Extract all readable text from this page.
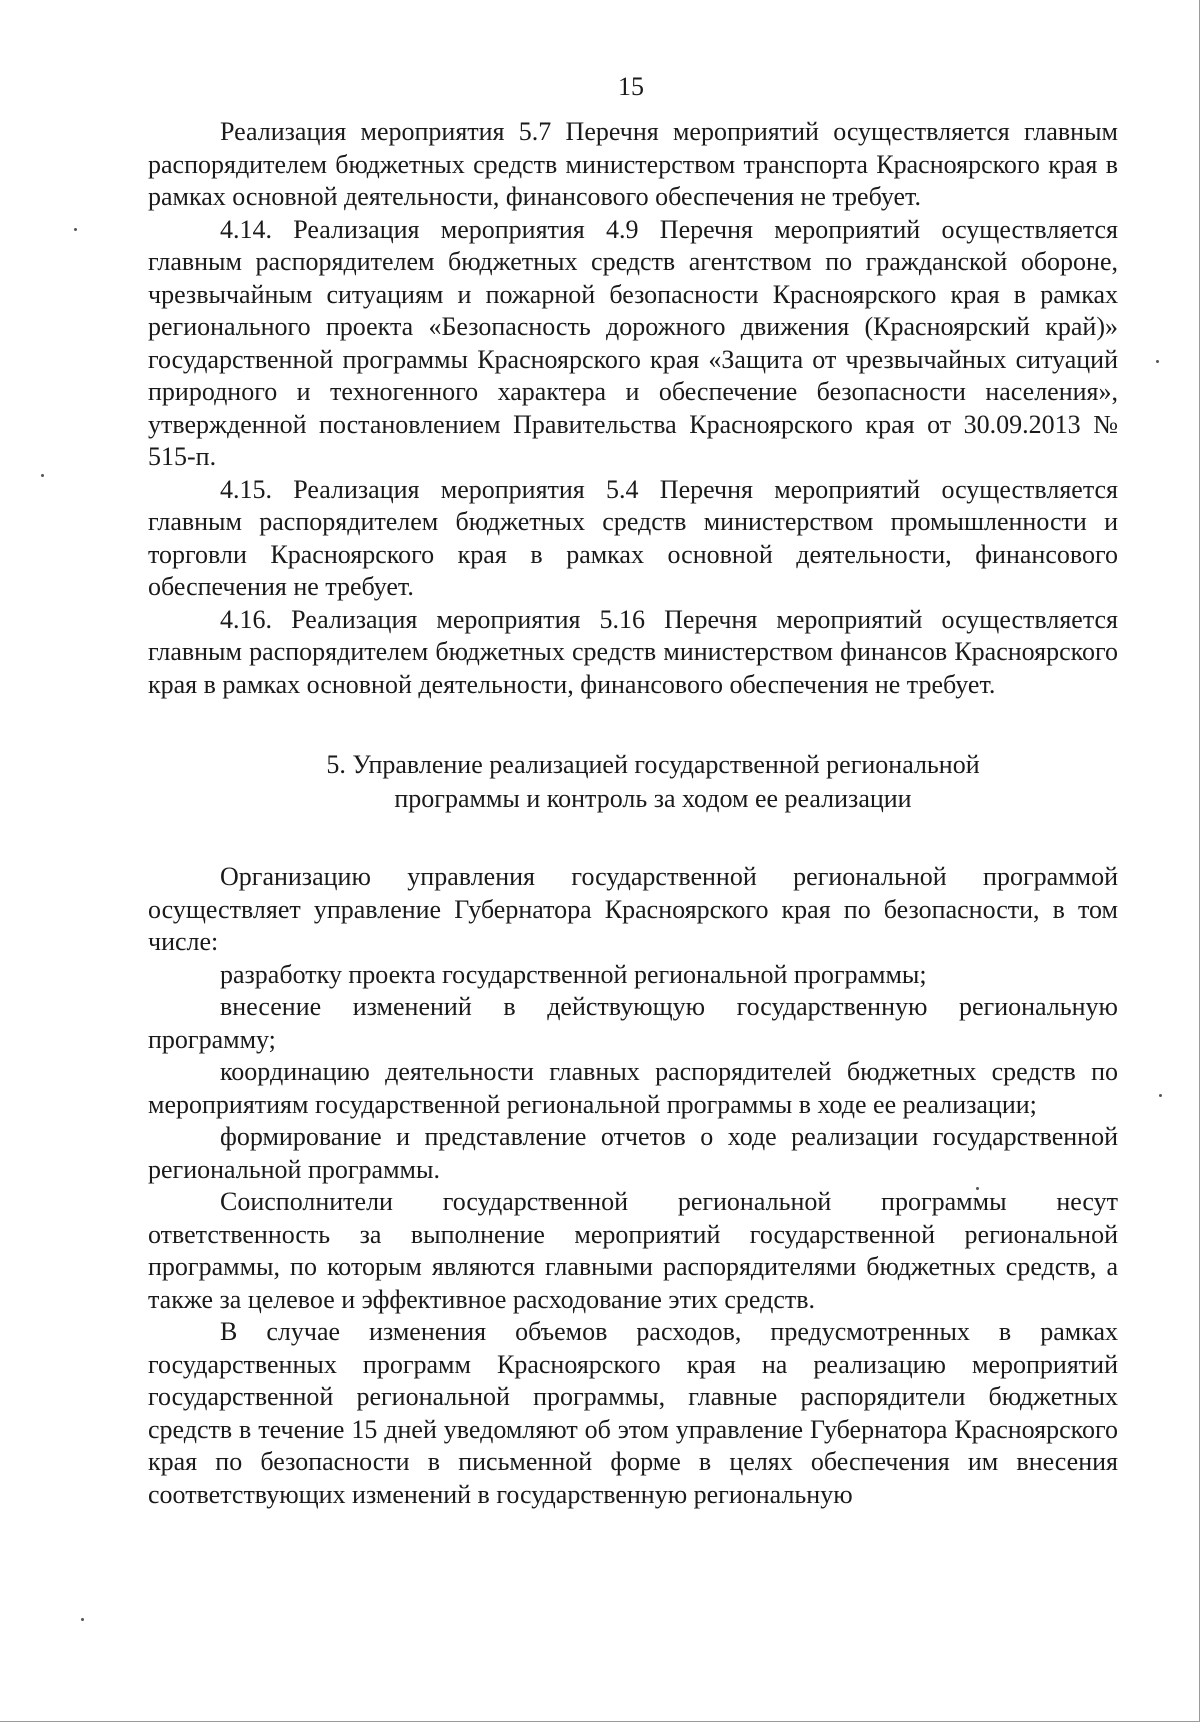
15

Реализация мероприятия 5.7 Перечня мероприятий осуществляется главным распорядителем бюджетных средств министерством транспорта Красноярского края в рамках основной деятельности, финансового обеспечения не требует.

4.14. Реализация мероприятия 4.9 Перечня мероприятий осуществляется главным распорядителем бюджетных средств агентством по гражданской обороне, чрезвычайным ситуациям и пожарной безопасности Красноярского края в рамках регионального проекта «Безопасность дорожного движения (Красноярский край)» государственной программы Красноярского края «Защита от чрезвычайных ситуаций природного и техногенного характера и обеспечение безопасности населения», утвержденной постановлением Правительства Красноярского края от 30.09.2013 № 515-п.

4.15. Реализация мероприятия 5.4 Перечня мероприятий осуществляется главным распорядителем бюджетных средств министерством промышленности и торговли Красноярского края в рамках основной деятельности, финансового обеспечения не требует.

4.16. Реализация мероприятия 5.16 Перечня мероприятий осуществляется главным распорядителем бюджетных средств министерством финансов Красноярского края в рамках основной деятельности, финансового обеспечения не требует.

5. Управление реализацией государственной региональной
программы и контроль за ходом ее реализации

Организацию управления государственной региональной программой осуществляет управление Губернатора Красноярского края по безопасности, в том числе:

разработку проекта государственной региональной программы;

внесение изменений в действующую государственную региональную программу;

координацию деятельности главных распорядителей бюджетных средств по мероприятиям государственной региональной программы в ходе ее реализации;

формирование и представление отчетов о ходе реализации государственной региональной программы.

Соисполнители государственной региональной программы несут ответственность за выполнение мероприятий государственной региональной программы, по которым являются главными распорядителями бюджетных средств, а также за целевое и эффективное расходование этих средств.

В случае изменения объемов расходов, предусмотренных в рамках государственных программ Красноярского края на реализацию мероприятий государственной региональной программы, главные распорядители бюджетных средств в течение 15 дней уведомляют об этом управление Губернатора Красноярского края по безопасности в письменной форме в целях обеспечения им внесения соответствующих изменений в государственную региональную
